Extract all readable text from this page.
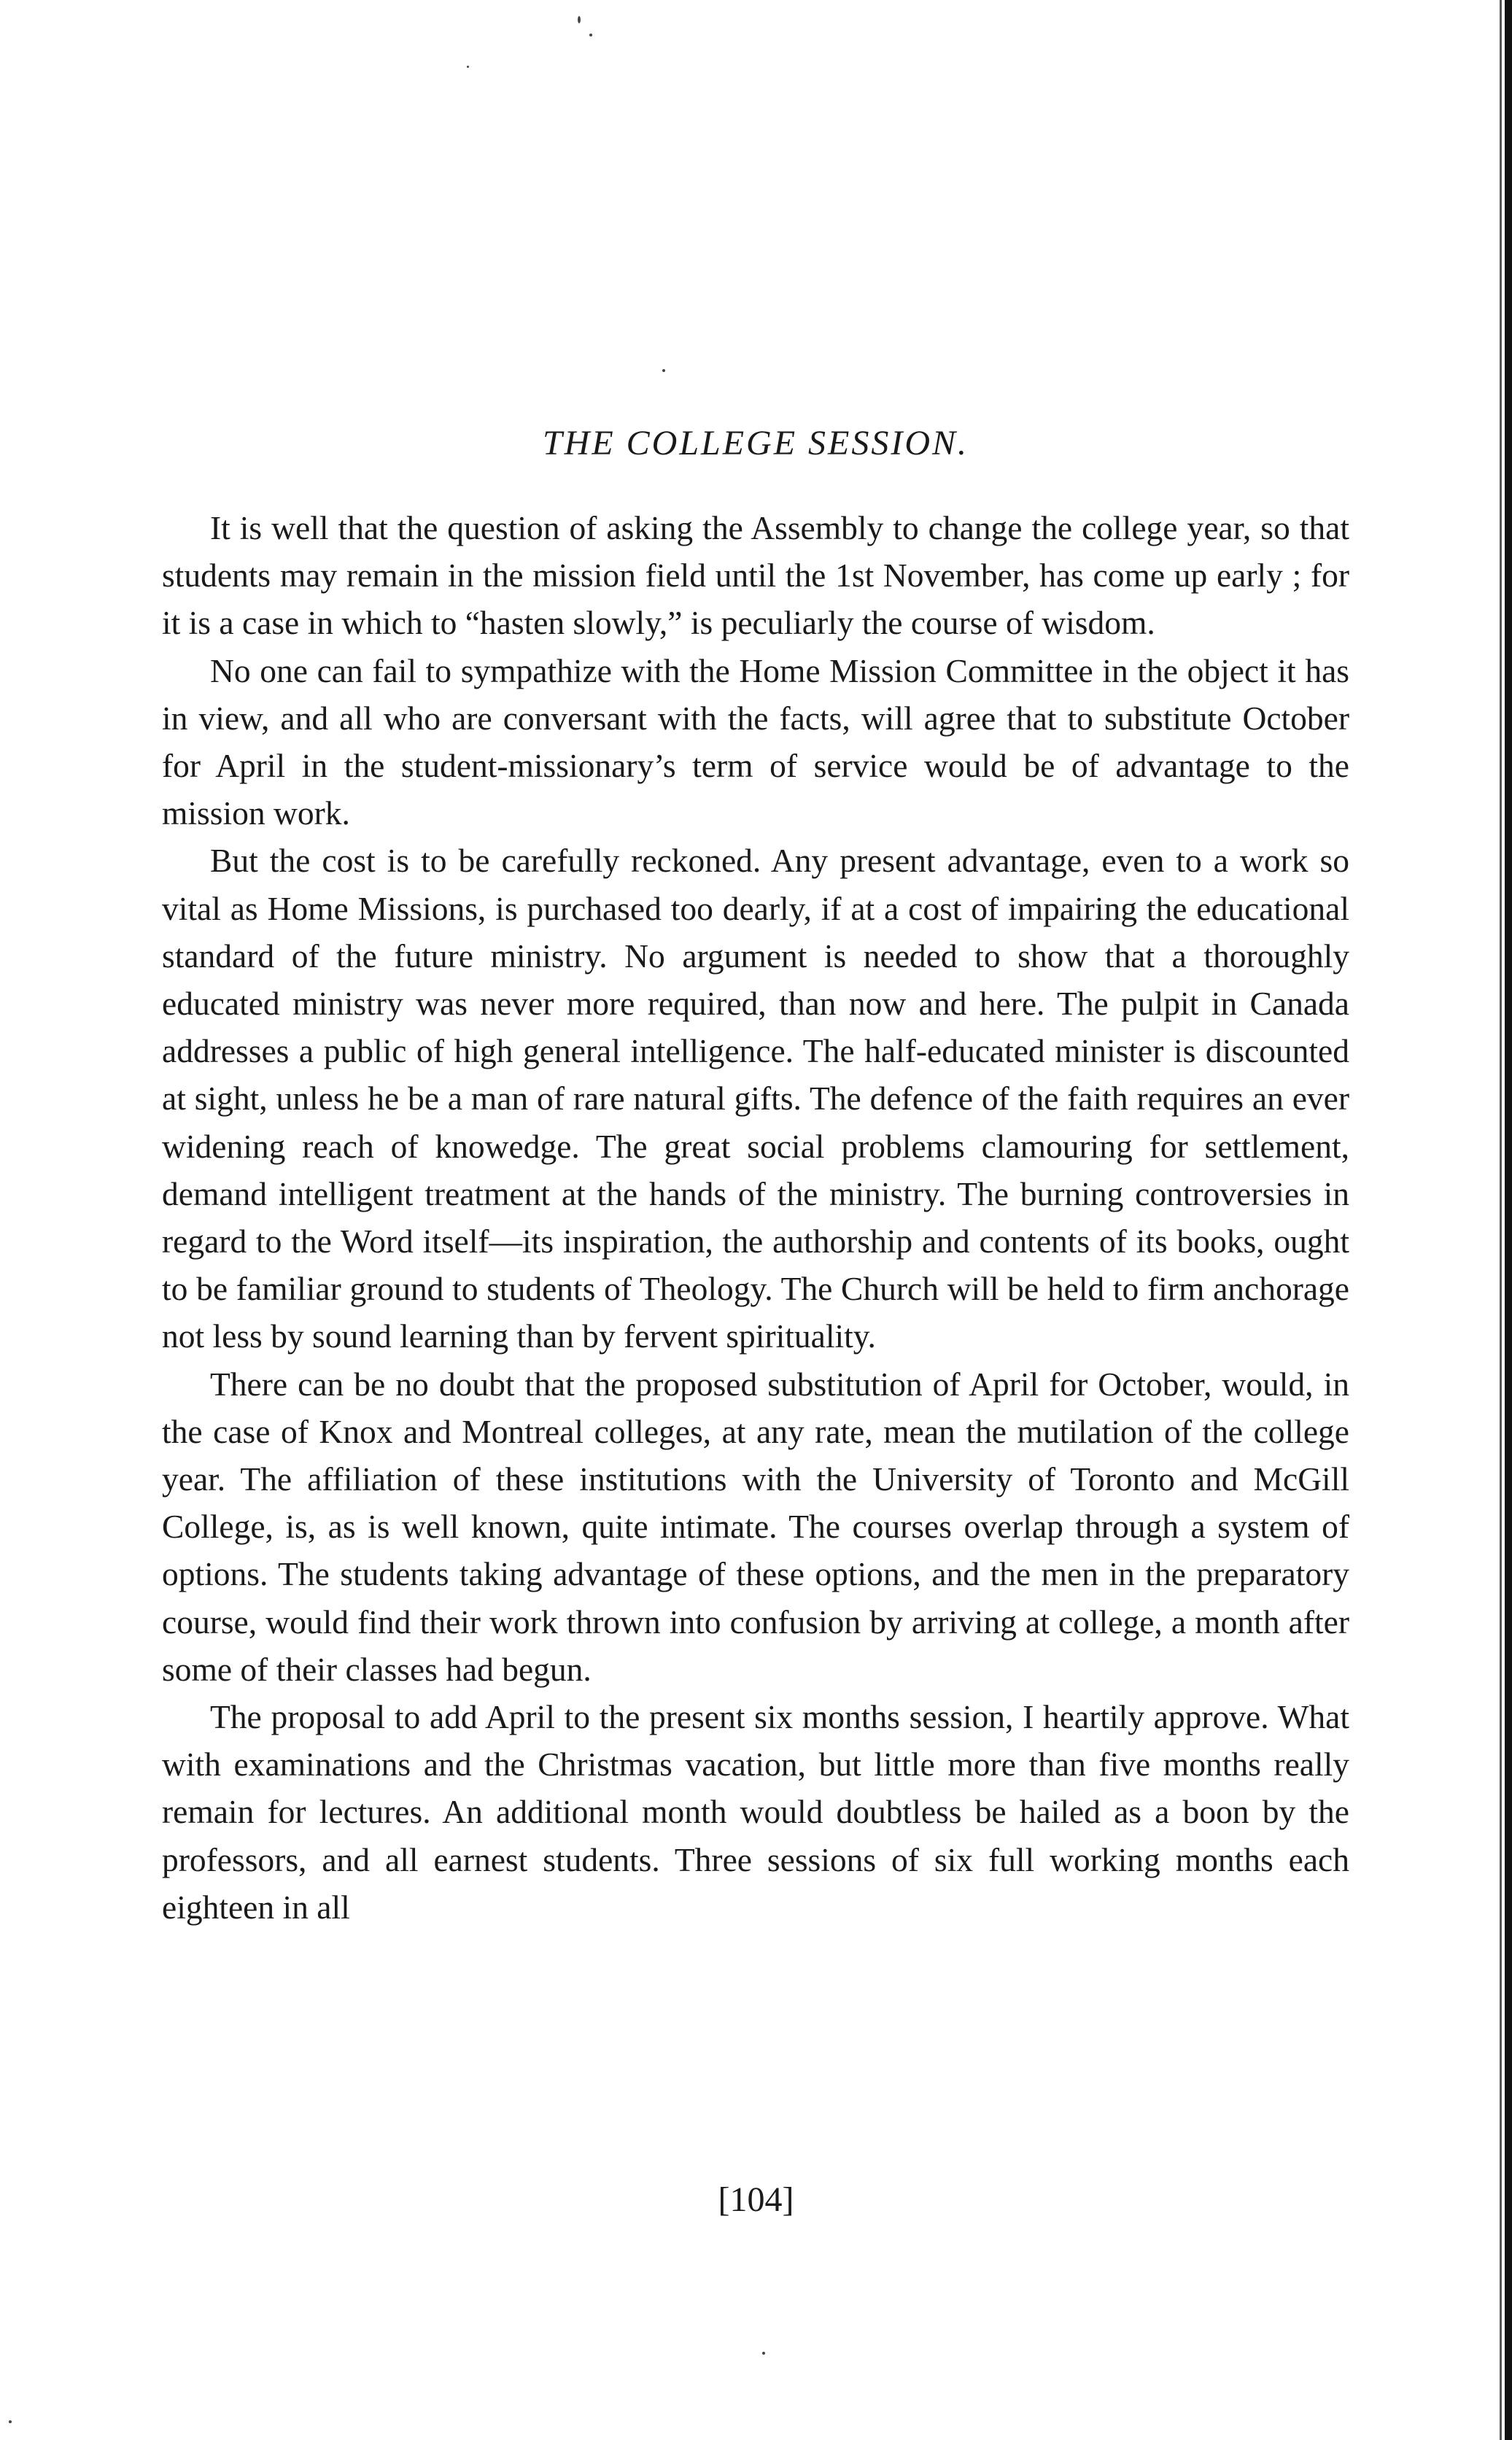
THE COLLEGE SESSION.

It is well that the question of asking the Assembly to change the college year, so that students may remain in the mission field until the 1st November, has come up early ; for it is a case in which to “hasten slowly,” is peculiarly the course of wisdom.

No one can fail to sympathize with the Home Mission Committee in the object it has in view, and all who are conversant with the facts, will agree that to substitute October for April in the student-missionary’s term of service would be of advantage to the mission work.

But the cost is to be carefully reckoned. Any present advantage, even to a work so vital as Home Missions, is purchased too dearly, if at a cost of impairing the educational standard of the future ministry. No argument is needed to show that a thoroughly educated ministry was never more required, than now and here. The pulpit in Canada addresses a public of high general intelligence. The half-educated minister is discounted at sight, unless he be a man of rare natural gifts. The defence of the faith requires an ever widening reach of knowedge. The great social problems clamouring for settlement, demand intelligent treatment at the hands of the ministry. The burning controversies in regard to the Word itself—its inspiration, the authorship and contents of its books, ought to be familiar ground to students of Theology. The Church will be held to firm anchorage not less by sound learning than by fervent spirituality.

There can be no doubt that the proposed substitution of April for October, would, in the case of Knox and Montreal colleges, at any rate, mean the mutilation of the college year. The affiliation of these institutions with the University of Toronto and McGill College, is, as is well known, quite intimate. The courses overlap through a system of options. The students taking advantage of these options, and the men in the preparatory course, would find their work thrown into confusion by arriving at college, a month after some of their classes had begun.

The proposal to add April to the present six months session, I heartily approve. What with examinations and the Christmas vacation, but little more than five months really remain for lectures. An additional month would doubtless be hailed as a boon by the professors, and all earnest students. Three sessions of six full working months each eighteen in all

[104]
